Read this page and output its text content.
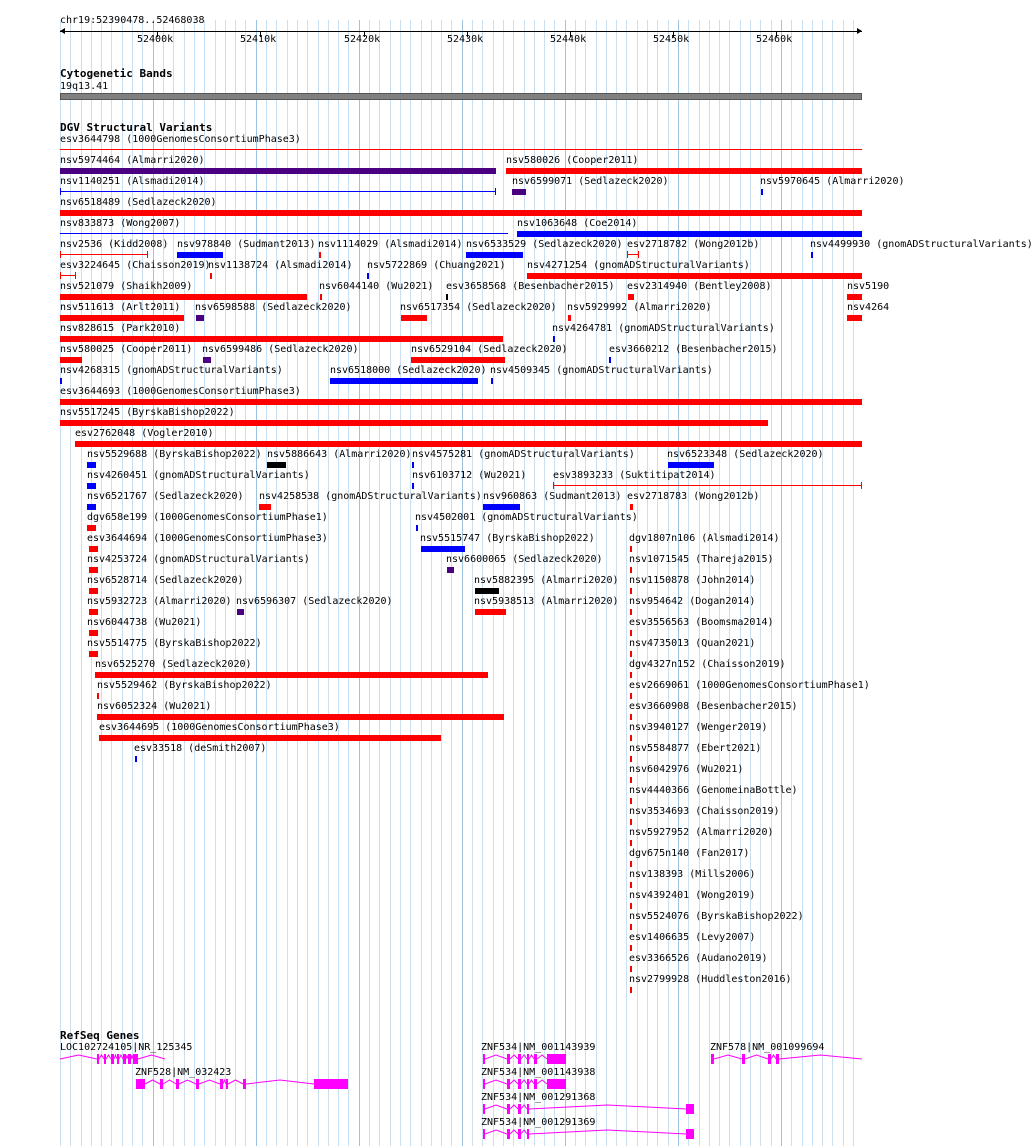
chr19:52390478..52468038
52400k	52410k	52420k	52430k	52440k	52450k	52460k
Cytogenetic Bands
19q13.41
DGV Structural Variants
esv3644798 (1000GenomesConsortiumPhase3)
nsv5974464 (Almarri2020)	nsv580026 (Cooper2011)
nsv1140251 (Alsmadi2014)	nsv6599071 (Sedlazeck2020)	nsv5970645 (Almarri2020)
nsv6518489 (Sedlazeck2020)
nsv833873 (Wong2007)	nsv1063648 (Coe2014)
nsv2536 (Kidd2008) nsv978840 (Sudmant2013) nsv1114029 (Alsmadi2014) nsv6533529 (Sedlazeck2020) esv2718782 (Wong2012b)	nsv4499930 (gnomADStructuralVariants)
esv3224645 (Chaisson2019)
nsv1138724 (Alsmadi2014) nsv5722869 (Chuang2021) nsv4271254 (gnomADStructuralVariants)
nsv521079 (Shaikh2009)	nsv6044140 (Wu2021) esv3658568 (Besenbacher2015) esv2314940 (Bentley2008)	nsv5190
nsv511613 (Arlt2011) nsv6598588 (Sedlazeck2020)	nsv6517354 (Sedlazeck2020) nsv5929992 (Almarri2020)	nsv4264
nsv828615 (Park2010)	nsv4264781 (gnomADStructuralVariants)
nsv580025 (Cooper2011) nsv6599486 (Sedlazeck2020)	nsv6529104 (Sedlazeck2020)	esv3660212 (Besenbacher2015)
nsv4268315 (gnomADStructuralVariants)	nsv6518000 (Sedlazeck2020) nsv4509345 (gnomADStructuralVariants)
esv3644693 (1000GenomesConsortiumPhase3)
nsv5517245 (ByrskaBishop2022)
esv2762048 (Vogler2010)
nsv5529688 (ByrskaBishop2022) nsv5886643 (Almarri2020) nsv4575281 (gnomADStructuralVariants)	nsv6523348 (Sedlazeck2020)
nsv4260451 (gnomADStructuralVariants)	nsv6103712 (Wu2021)	esv3893233 (Suktitipat2014)
nsv6521767 (Sedlazeck2020) nsv4258538 (gnomADStructuralVariants) nsv960863 (Sudmant2013) esv2718783 (Wong2012b)
dgv658e199 (1000GenomesConsortiumPhase1)	nsv4502001 (gnomADStructuralVariants)
esv3644694 (1000GenomesConsortiumPhase3)	nsv5515747 (ByrskaBishop2022)	dgv1807n106 (Alsmadi2014)
nsv4253724 (gnomADStructuralVariants)	nsv6600065 (Sedlazeck2020)	nsv1071545 (Thareja2015)
nsv6528714 (Sedlazeck2020)	nsv5882395 (Almarri2020) nsv1150878 (John2014)
nsv5932723 (Almarri2020) nsv6596307 (Sedlazeck2020)	nsv5938513 (Almarri2020) nsv954642 (Dogan2014)
nsv6044738 (Wu2021)	esv3556563 (Boomsma2014)
nsv5514775 (ByrskaBishop2022)	nsv4735013 (Quan2021)
nsv6525270 (Sedlazeck2020)	dgv4327n152 (Chaisson2019)
nsv5529462 (ByrskaBishop2022)	esv2669061 (1000GenomesConsortiumPhase1)
nsv6052324 (Wu2021)	esv3660908 (Besenbacher2015)
esv3644695 (1000GenomesConsortiumPhase3)	nsv3940127 (Wenger2019)
esv33518 (deSmith2007)	nsv5584877 (Ebert2021)
nsv6042976 (Wu2021)
nsv4440366 (GenomeinaBottle)
nsv3534693 (Chaisson2019)
nsv5927952 (Almarri2020)
dgv675n140 (Fan2017)
nsv138393 (Mills2006)
nsv4392401 (Wong2019)
nsv5524076 (ByrskaBishop2022)
esv1406635 (Levy2007)
esv3366526 (Audano2019)
nsv2799928 (Huddleston2016)
RefSeq Genes
LOC102724105|NR_125345
ZNF528|NM_032423
ZNF534|NM_001143939
ZNF534|NM_001143938
ZNF534|NM_001291368
ZNF534|NM_001291369
ZNF578|NM_001099694
